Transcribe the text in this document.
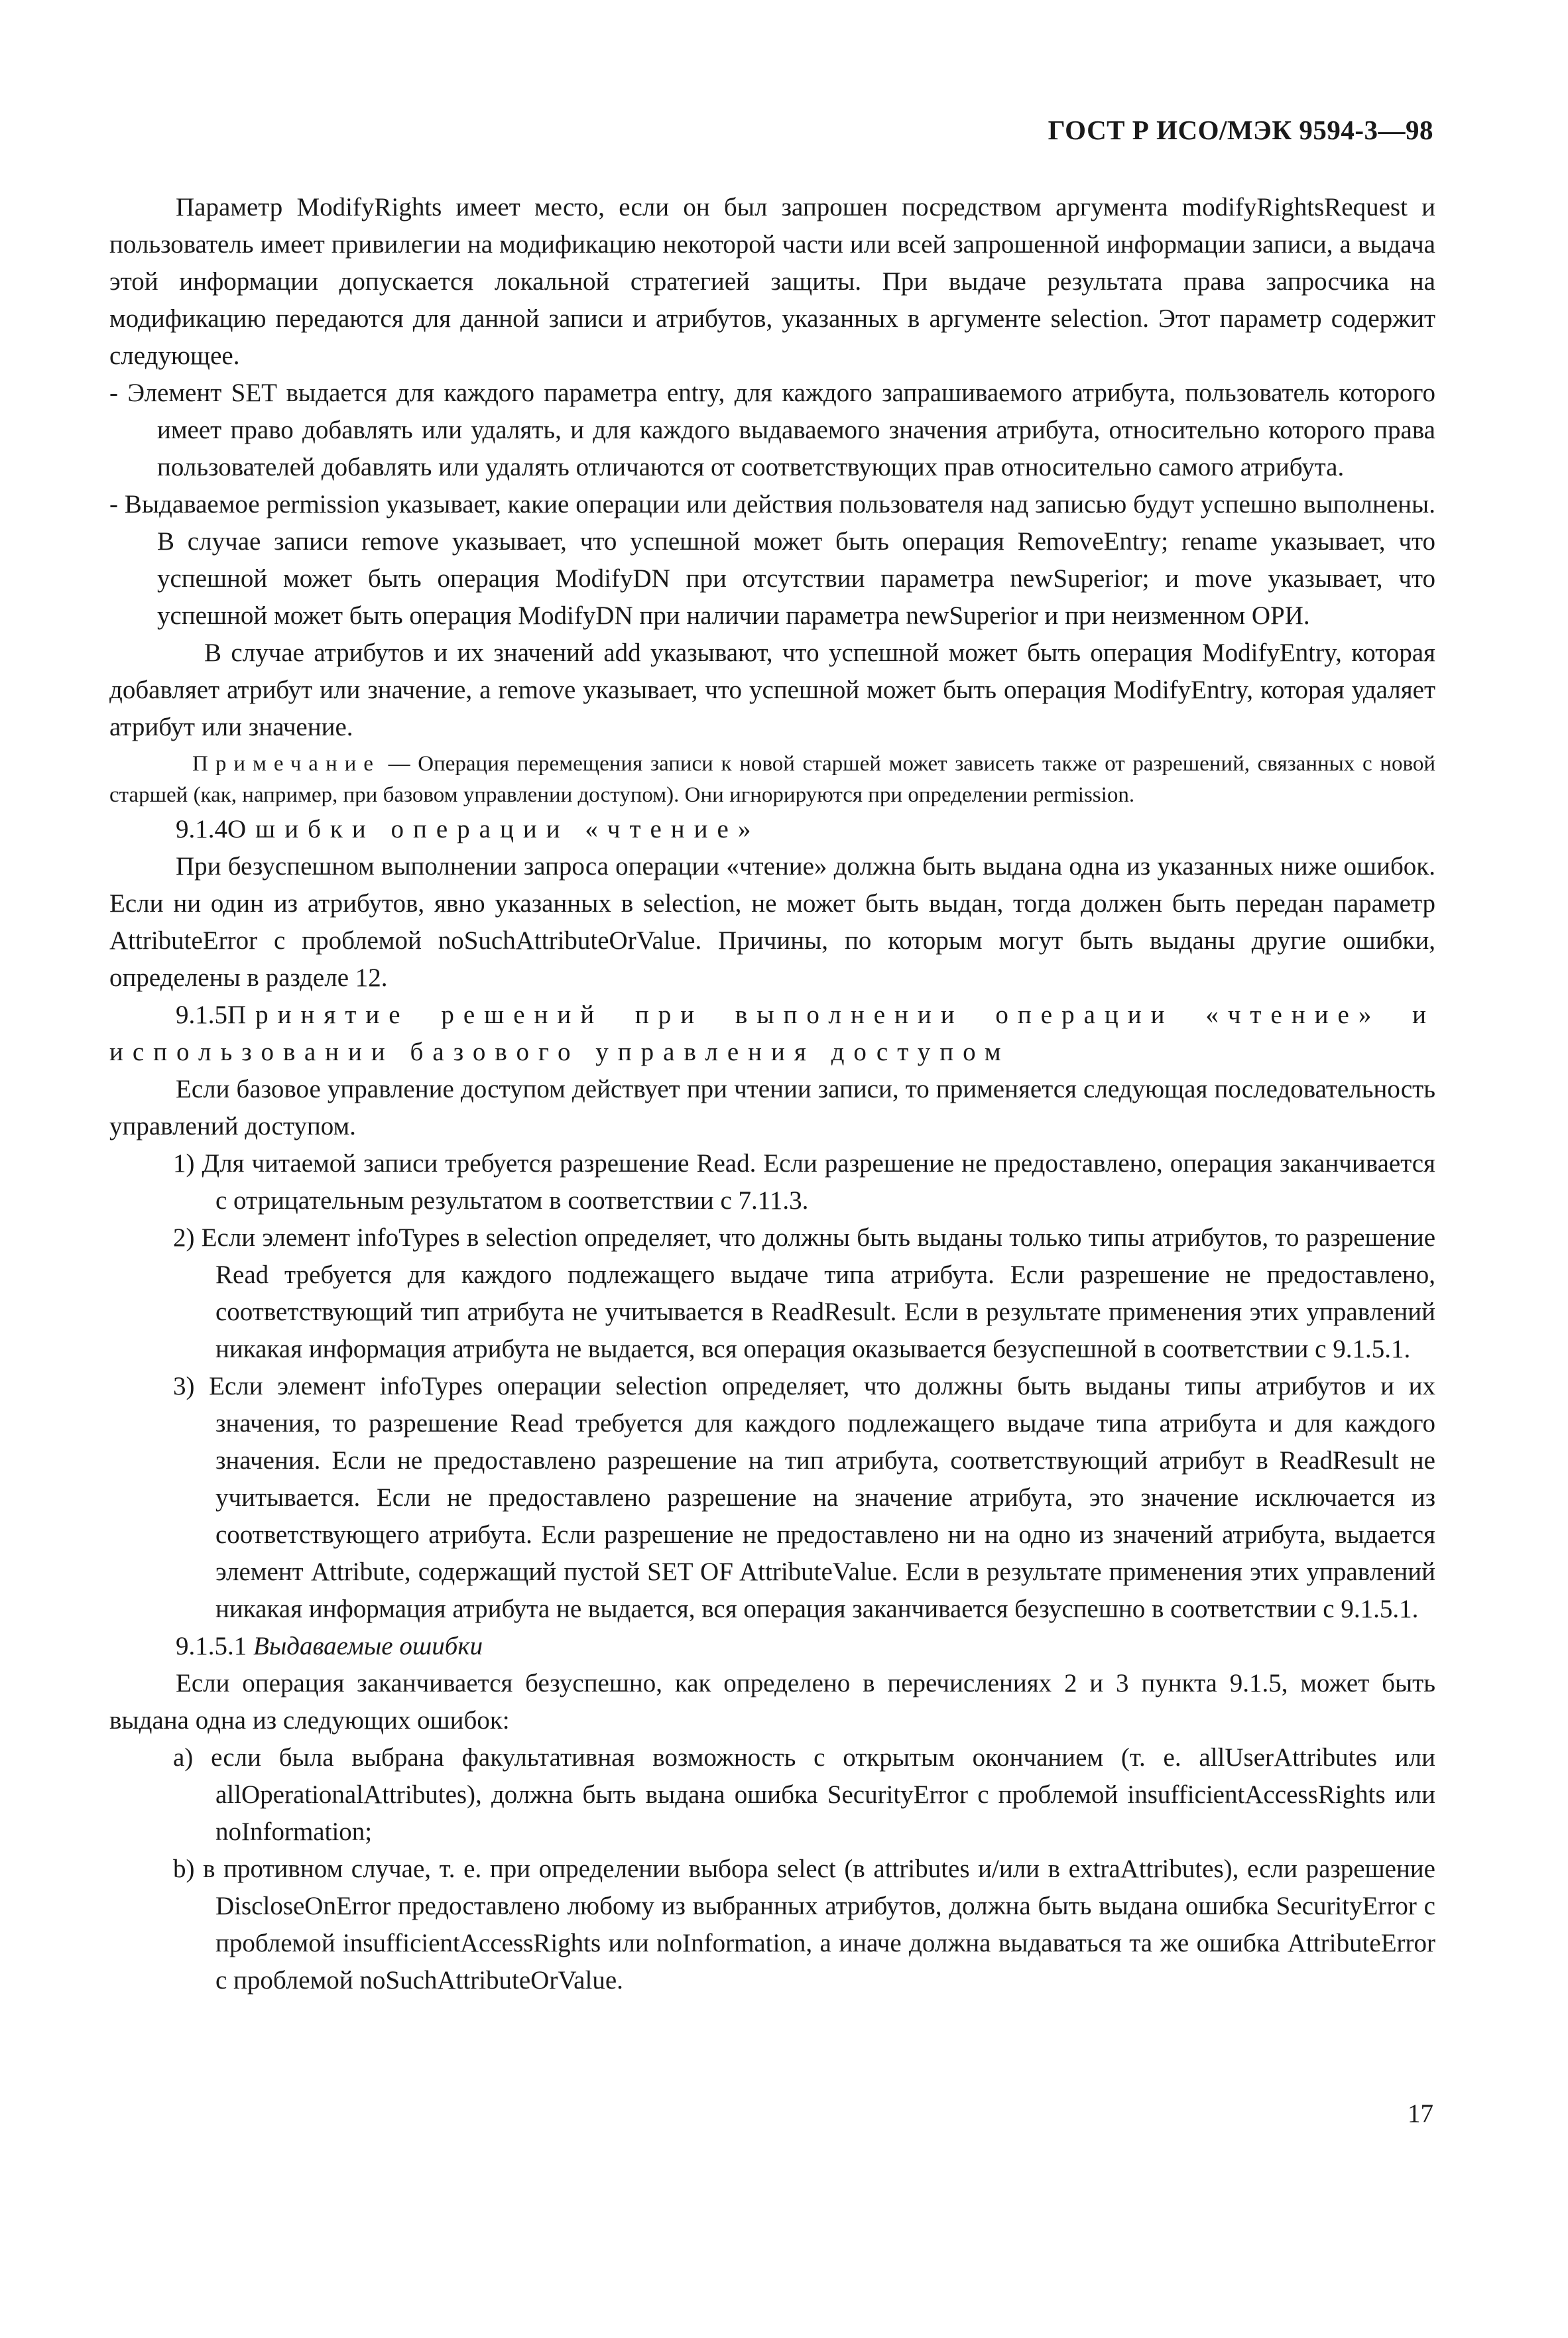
ГОСТ Р ИСО/МЭК 9594-3—98

Параметр ModifyRights имеет место, если он был запрошен посредством аргумента modifyRightsRequest и пользователь имеет привилегии на модификацию некоторой части или всей запрошенной информации записи, а выдача этой информации допускается локальной стратегией защиты. При выдаче результата права запросчика на модификацию передаются для данной записи и атрибутов, указанных в аргументе selection. Этот параметр содержит следующее.

- Элемент SET выдается для каждого параметра entry, для каждого запрашиваемого атрибута, пользователь которого имеет право добавлять или удалять, и для каждого выдаваемого значения атрибута, относительно которого права пользователей добавлять или удалять отличаются от соответствующих прав относительно самого атрибута.

- Выдаваемое permission указывает, какие операции или действия пользователя над записью будут успешно выполнены. В случае записи remove указывает, что успешной может быть операция RemoveEntry; rename указывает, что успешной может быть операция ModifyDN при отсутствии параметра newSuperior; и move указывает, что успешной может быть операция ModifyDN при наличии параметра newSuperior и при неизменном ОРИ.

В случае атрибутов и их значений add указывают, что успешной может быть операция ModifyEntry, которая добавляет атрибут или значение, а remove указывает, что успешной может быть операция ModifyEntry, которая удаляет атрибут или значение.

Примечание — Операция перемещения записи к новой старшей может зависеть также от разрешений, связанных с новой старшей (как, например, при базовом управлении доступом). Они игнорируются при определении permission.

9.1.4Ошибки операции «чтение»

При безуспешном выполнении запроса операции «чтение» должна быть выдана одна из указанных ниже ошибок. Если ни один из атрибутов, явно указанных в selection, не может быть выдан, тогда должен быть передан параметр AttributeError с проблемой noSuchAttributeOrValue. Причины, по которым могут быть выданы другие ошибки, определены в разделе 12.

9.1.5Принятие решений при выполнении операции «чтение» и использовании базового управления доступом

Если базовое управление доступом действует при чтении записи, то применяется следующая последовательность управлений доступом.

1) Для читаемой записи требуется разрешение Read. Если разрешение не предоставлено, операция заканчивается с отрицательным результатом в соответствии с 7.11.3.

2) Если элемент infoTypes в selection определяет, что должны быть выданы только типы атрибутов, то разрешение Read требуется для каждого подлежащего выдаче типа атрибута. Если разрешение не предоставлено, соответствующий тип атрибута не учитывается в ReadResult. Если в результате применения этих управлений никакая информация атрибута не выдается, вся операция оказывается безуспешной в соответствии с 9.1.5.1.

3) Если элемент infoTypes операции selection определяет, что должны быть выданы типы атрибутов и их значения, то разрешение Read требуется для каждого подлежащего выдаче типа атрибута и для каждого значения. Если не предоставлено разрешение на тип атрибута, соответствующий атрибут в ReadResult не учитывается. Если не предоставлено разрешение на значение атрибута, это значение исключается из соответствующего атрибута. Если разрешение не предоставлено ни на одно из значений атрибута, выдается элемент Attribute, содержащий пустой SET OF AttributeValue. Если в результате применения этих управлений никакая информация атрибута не выдается, вся операция заканчивается безуспешно в соответствии с 9.1.5.1.

9.1.5.1 Выдаваемые ошибки

Если операция заканчивается безуспешно, как определено в перечислениях 2 и 3 пункта 9.1.5, может быть выдана одна из следующих ошибок:

a) если была выбрана факультативная возможность с открытым окончанием (т. е. allUserAttributes или allOperationalAttributes), должна быть выдана ошибка SecurityError с проблемой insufficientAccessRights или noInformation;

b) в противном случае, т. е. при определении выбора select (в attributes и/или в extraAttributes), если разрешение DiscloseOnError предоставлено любому из выбранных атрибутов, должна быть выдана ошибка SecurityError с проблемой insufficientAccessRights или noInformation, а иначе должна выдаваться та же ошибка AttributeError с проблемой noSuchAttributeOrValue.

17
